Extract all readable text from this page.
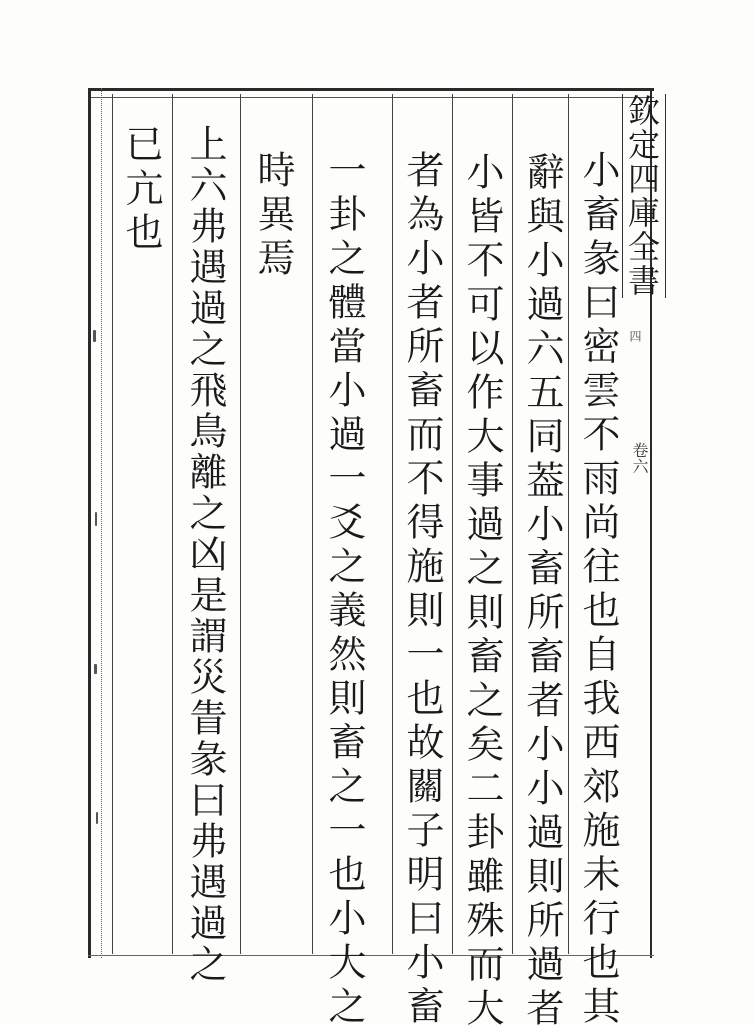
欽定四庫全書
四
卷六
小畜彖曰密雲不雨尚往也自我西郊施未行也其
辭與小過六五同葢小畜所畜者小小過則所過者
小皆不可以作大事過之則畜之矣二卦雖殊而大
者為小者所畜而不得施則一也故關子明曰小畜
一卦之體當小過一爻之義然則畜之一也小大之
時異焉
上六弗遇過之飛鳥離之凶是謂災眚彖曰弗遇過之
已亢也
